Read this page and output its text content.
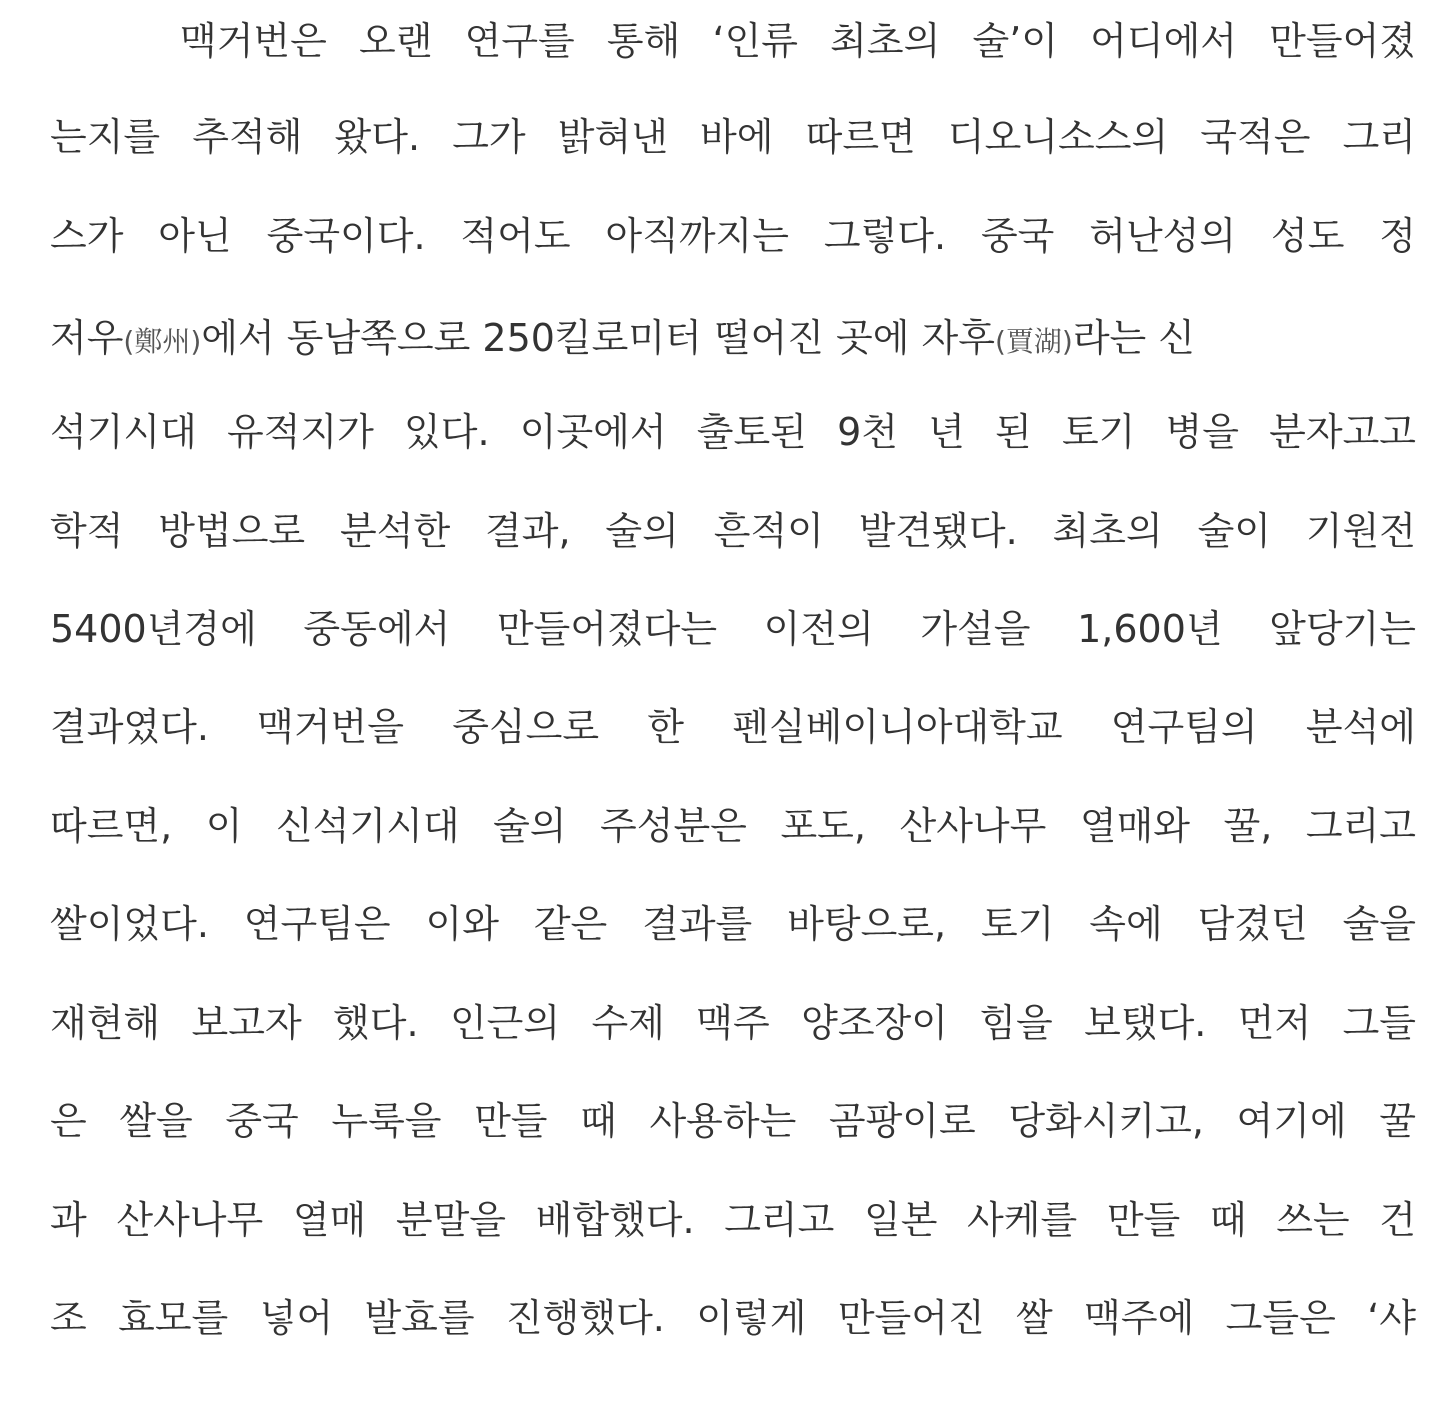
맥거번은 오랜 연구를 통해 ‘인류 최초의 술’이 어디에서 만들어졌
는지를 추적해 왔다. 그가 밝혀낸 바에 따르면 디오니소스의 국적은 그리
스가 아닌 중국이다. 적어도 아직까지는 그렇다. 중국 허난성의 성도 정
저우(鄭州)에서 동남쪽으로 250킬로미터 떨어진 곳에 자후(賈湖)라는 신
석기시대 유적지가 있다. 이곳에서 출토된 9천 년 된 토기 병을 분자고고
학적 방법으로 분석한 결과, 술의 흔적이 발견됐다. 최초의 술이 기원전
5400년경에 중동에서 만들어졌다는 이전의 가설을 1,600년 앞당기는
결과였다. 맥거번을 중심으로 한 펜실베이니아대학교 연구팀의 분석에
따르면, 이 신석기시대 술의 주성분은 포도, 산사나무 열매와 꿀, 그리고
쌀이었다. 연구팀은 이와 같은 결과를 바탕으로, 토기 속에 담겼던 술을
재현해 보고자 했다. 인근의 수제 맥주 양조장이 힘을 보탰다. 먼저 그들
은 쌀을 중국 누룩을 만들 때 사용하는 곰팡이로 당화시키고, 여기에 꿀
과 산사나무 열매 분말을 배합했다. 그리고 일본 사케를 만들 때 쓰는 건
조 효모를 넣어 발효를 진행했다. 이렇게 만들어진 쌀 맥주에 그들은 ‘샤
